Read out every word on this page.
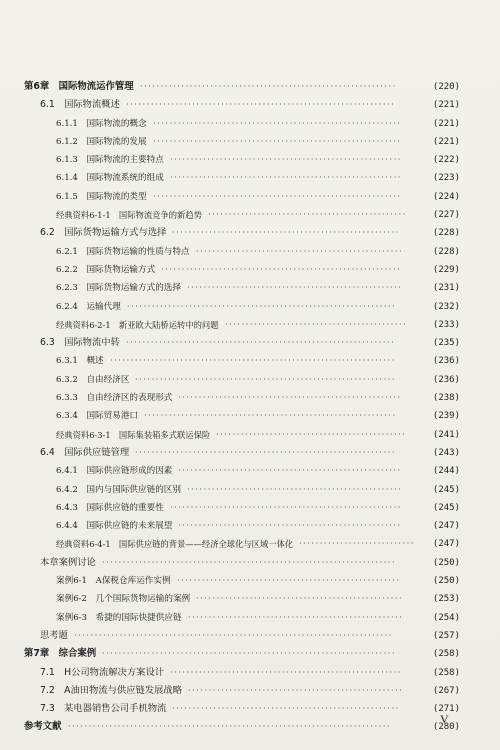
第6章　国际物流运作管理 ······························································	(220)
6.1　国际物流概述 ·································································	(221)
6.1.1　国际物流的概念 ····························································	(221)
6.1.2　国际物流的发展 ····························································	(221)
6.1.3　国际物流的主要特点 ························································	(222)
6.1.4　国际物流系统的组成 ························································	(223)
6.1.5　国际物流的类型 ····························································	(224)
经典资料6-1-1　国际物流竞争的新趋势 ················································	(227)
6.2　国际货物运输方式与选择 ·······················································	(228)
6.2.1　国际货物运输的性质与特点 ··················································	(228)
6.2.2　国际货物运输方式 ··························································	(229)
6.2.3　国际货物运输方式的选择 ····················································	(231)
6.2.4　运输代理 ·································································	(232)
经典资料6-2-1　新亚欧大陆桥运转中的问题 ············································	(233)
6.3　国际物流中转 ·································································	(235)
6.3.1　概述 ·····································································	(236)
6.3.2　自由经济区 ·······························································	(236)
6.3.3　自由经济区的表现形式 ······················································	(238)
6.3.4　国际贸易港口 ·····························································	(239)
经典资料6-3-1　国际集装箱多式联运保险 ··············································	(241)
6.4　国际供应链管理 ·······························································	(243)
6.4.1　国际供应链形成的因素 ······················································	(244)
6.4.2　国内与国际供应链的区别 ····················································	(245)
6.4.3　国际供应链的重要性 ························································	(245)
6.4.4　国际供应链的未来展望 ······················································	(247)
经典资料6-4-1　国际供应链的背景——经济全球化与区域一体化 ····························	(247)
本章案例讨论 ·······································································	(250)
案例6-1　A保税仓库运作实例 ······················································	(250)
案例6-2　几个国际货物运输的案例 ··················································	(253)
案例6-3　希捷的国际快捷供应链 ····················································	(254)
思考题 ·············································································	(257)
第7章　综合案例 ·······································································	(258)
7.1　H公司物流解决方案设计 ························································	(258)
7.2　A油田物流与供应链发展战略 ····················································	(267)
7.3　某电器销售公司手机物流 ·······················································	(271)
参考文献 ··············································································	(280)
V
